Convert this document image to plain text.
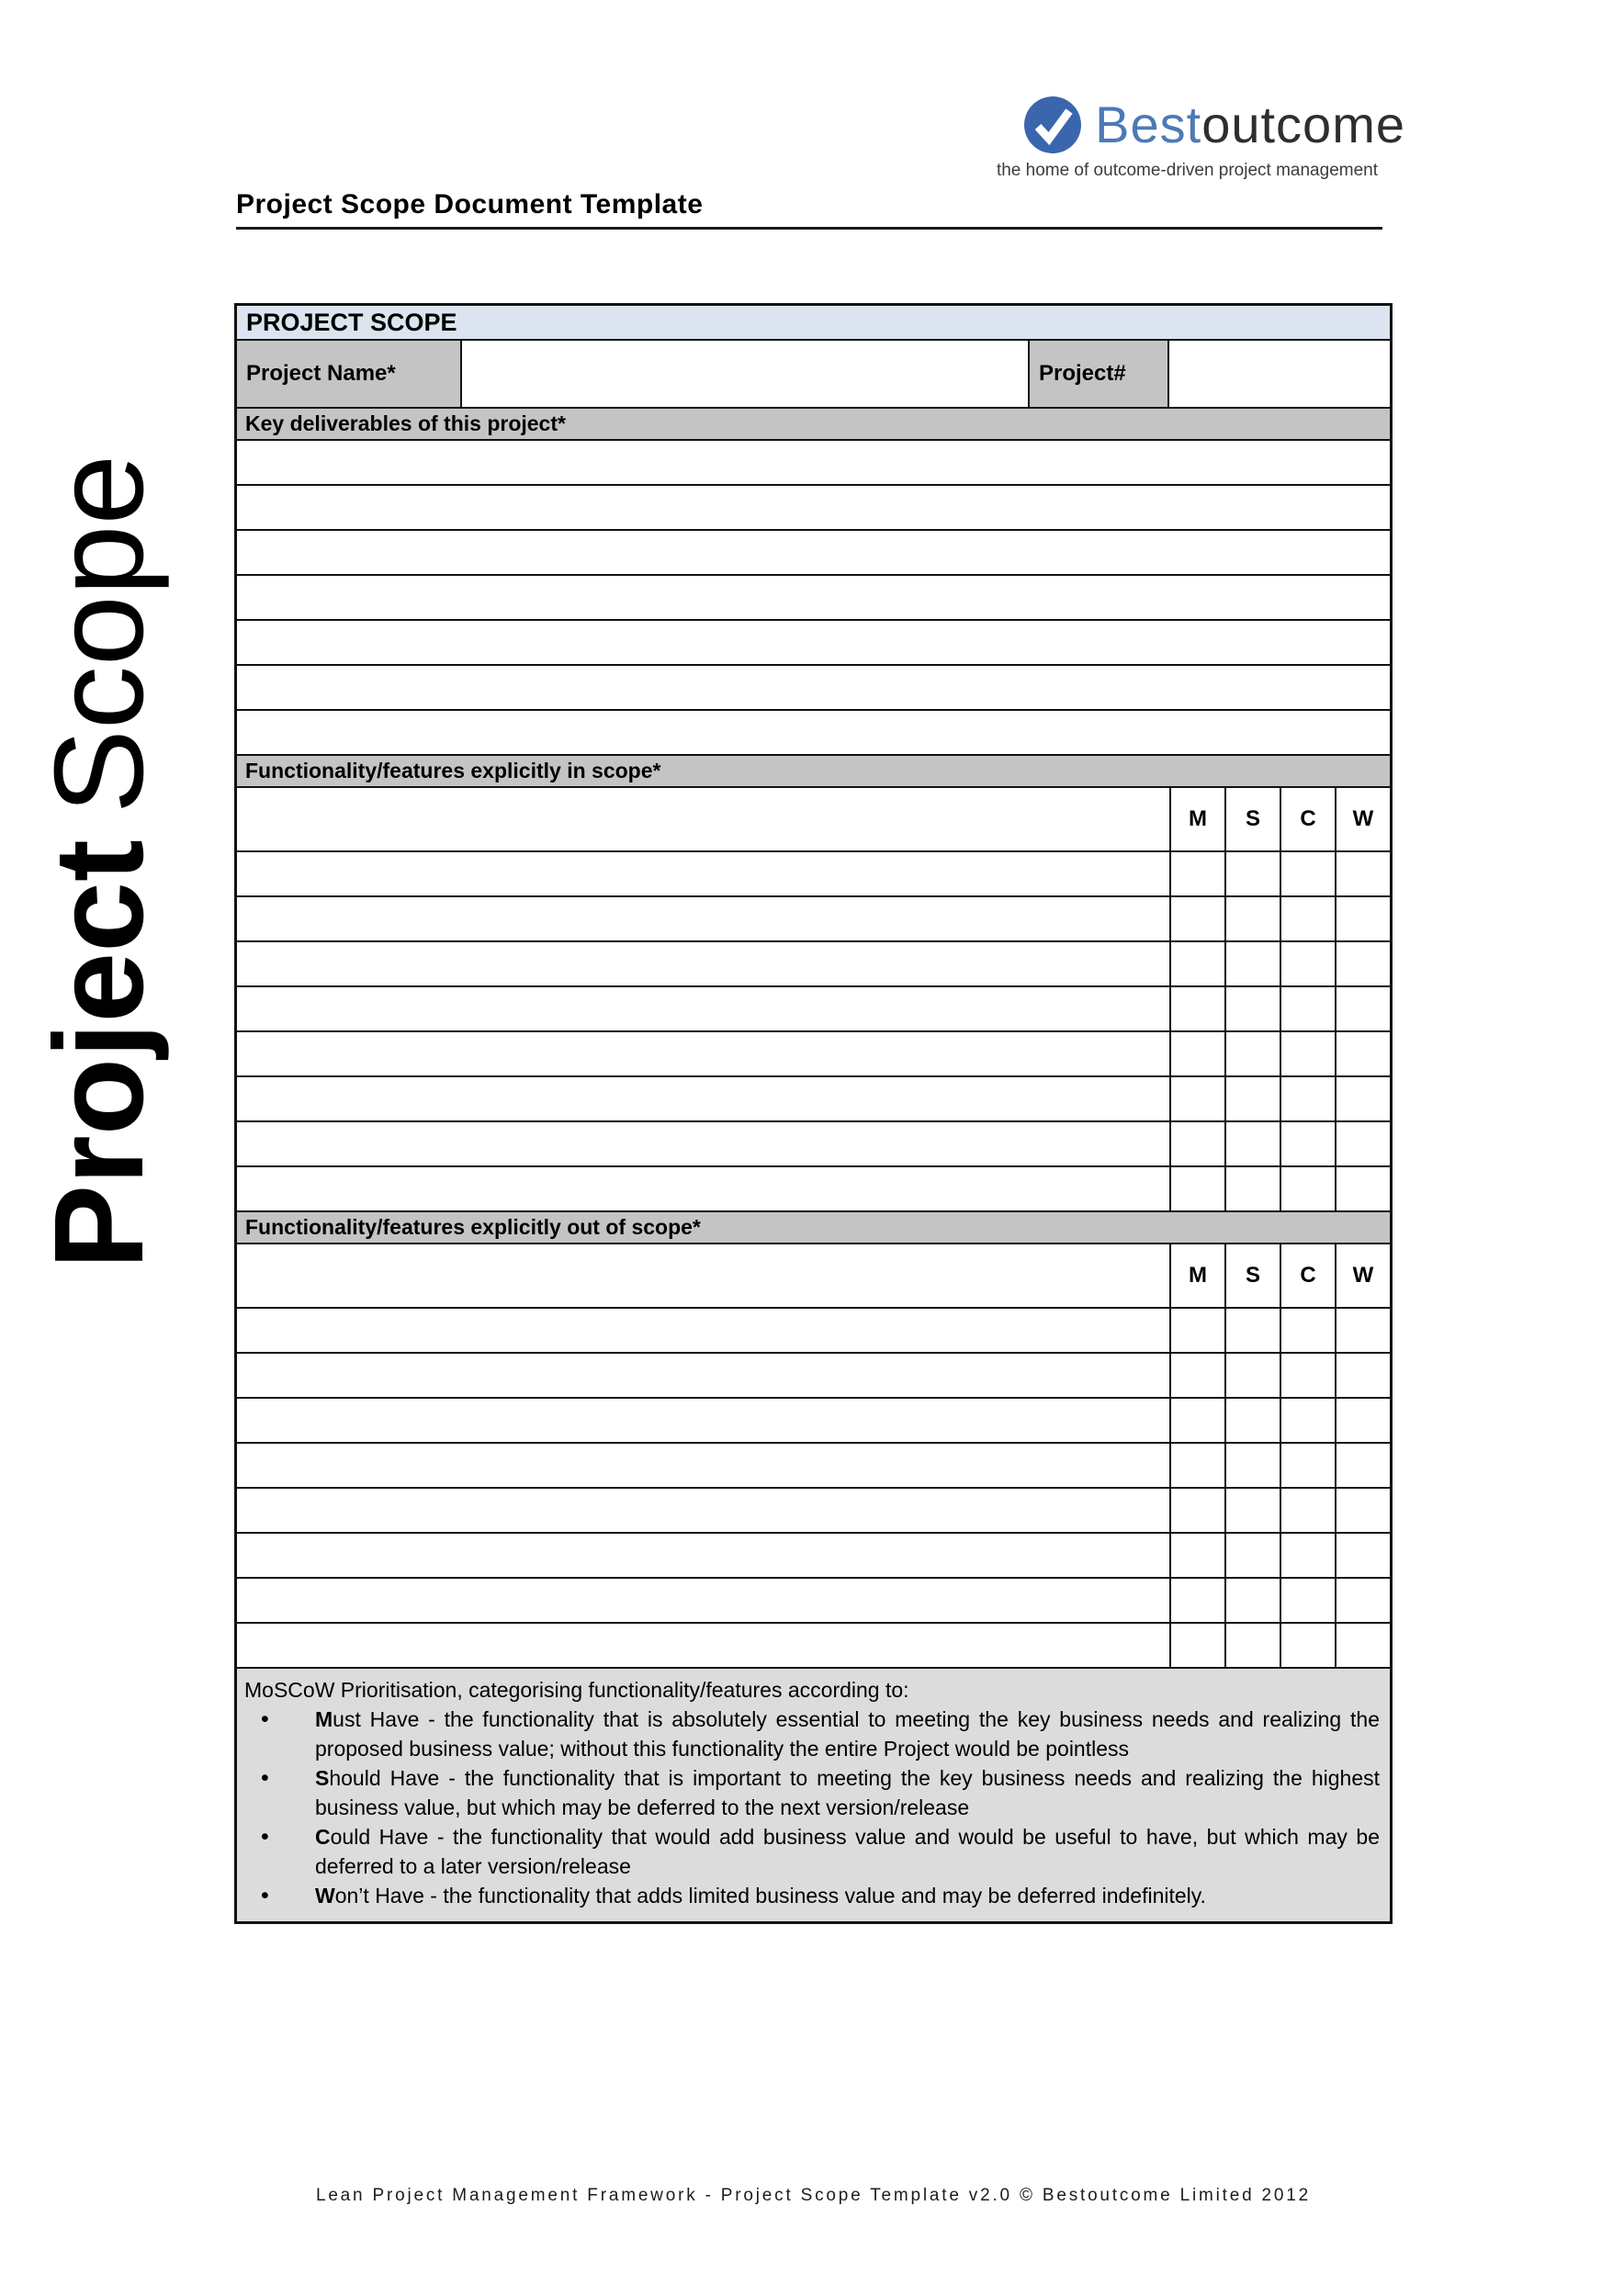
ProjectScope
Bestoutcome
the home of outcome-driven project management
Project Scope Document Template
PROJECT SCOPE
Project Name*	Project#
Key deliverables of this project*
Functionality/features explicitly in scope*
M	S	C	W
Functionality/features explicitly out of scope*
M	S	C	W
MoSCoW Prioritisation, categorising functionality/features according to:
• Must Have - the functionality that is absolutely essential to meeting the key business needs and realizing the proposed business value; without this functionality the entire Project would be pointless
• Should Have - the functionality that is important to meeting the key business needs and realizing the highest business value, but which may be deferred to the next version/release
• Could Have - the functionality that would add business value and would be useful to have, but which may be deferred to a later version/release
• Won’t Have - the functionality that adds limited business value and may be deferred indefinitely.
Lean Project Management Framework - Project Scope Template v2.0 © Bestoutcome Limited 2012
